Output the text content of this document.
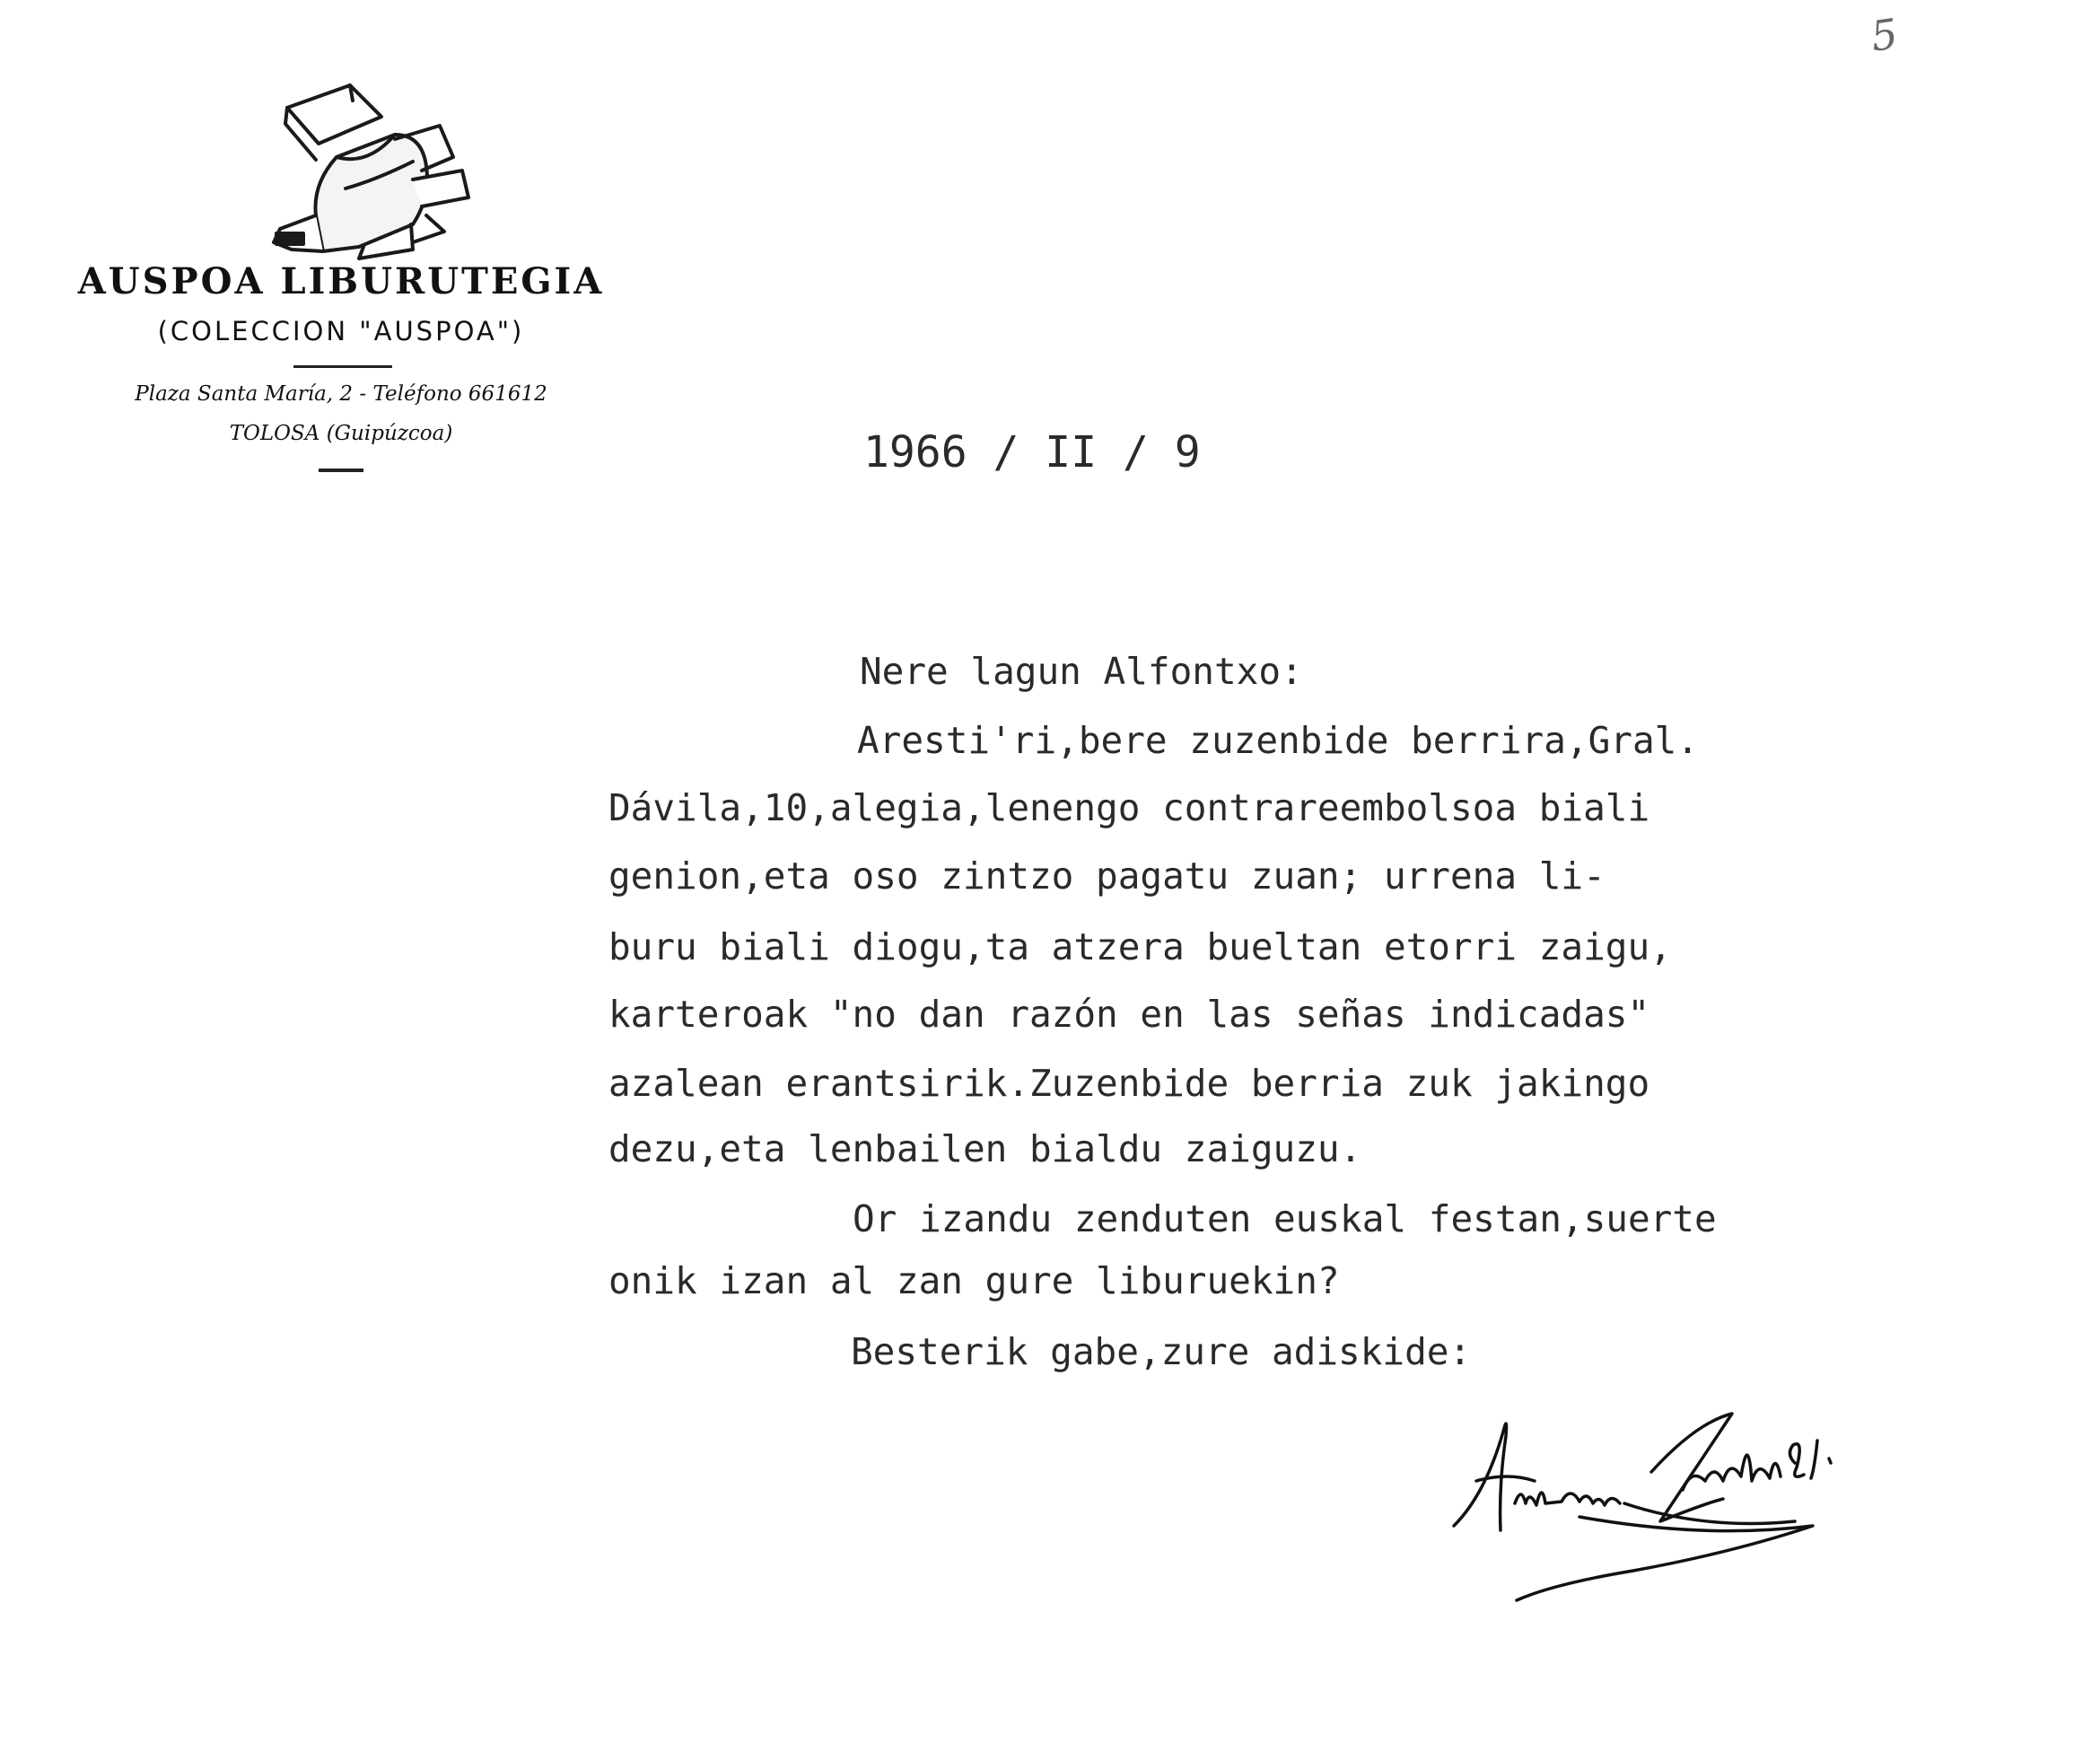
5
AUSPOA LIBURUTEGIA
(COLECCION "AUSPOA")
Plaza Santa María, 2 - Teléfono 661612
TOLOSA (Guipúzcoa)	1966 / II / 9
Nere lagun Alfontxo:
Aresti'ri,bere zuzenbide berrira,Gral.
Dávila,10,alegia,lenengo contrareembolsoa biali
genion,eta oso zintzo pagatu zuan; urrena li-
buru biali diogu,ta atzera bueltan etorri zaigu,
karteroak "no dan razón en las señas indicadas"
azalean erantsirik.Zuzenbide berria zuk jakingo
dezu,eta lenbailen bialdu zaiguzu.
Or izandu zenduten euskal festan,suerte
onik izan al zan gure liburuekin?
Besterik gabe,zure adiskide:
